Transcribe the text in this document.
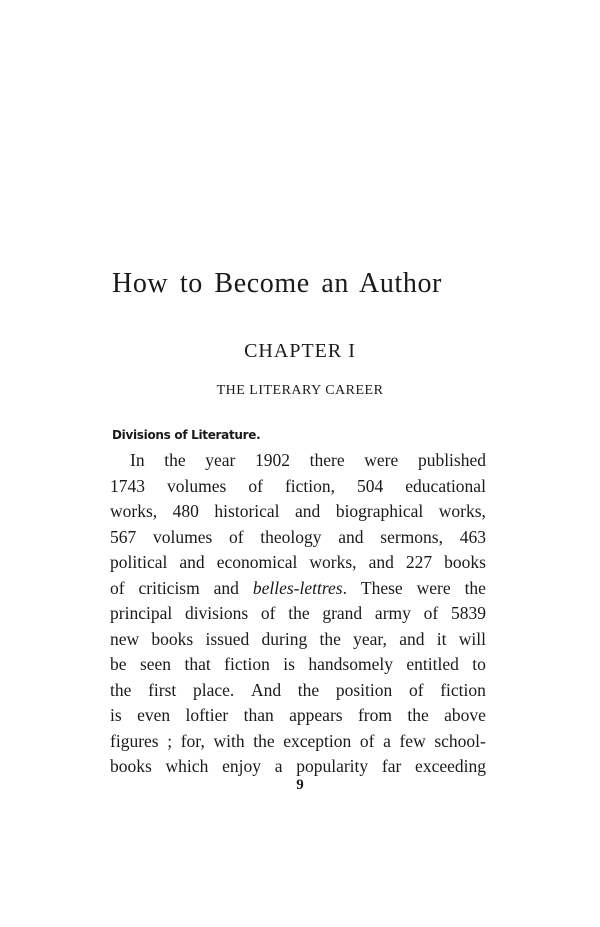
How to Become an Author
CHAPTER I
THE LITERARY CAREER
Divisions of Literature.
In the year 1902 there were published
1743 volumes of fiction, 504 educational
works, 480 historical and biographical works,
567 volumes of theology and sermons, 463
political and economical works, and 227 books
of criticism and belles-lettres. These were the
principal divisions of the grand army of 5839
new books issued during the year, and it will
be seen that fiction is handsomely entitled to
the first place. And the position of fiction
is even loftier than appears from the above
figures ; for, with the exception of a few school-
books which enjoy a popularity far exceeding
9
